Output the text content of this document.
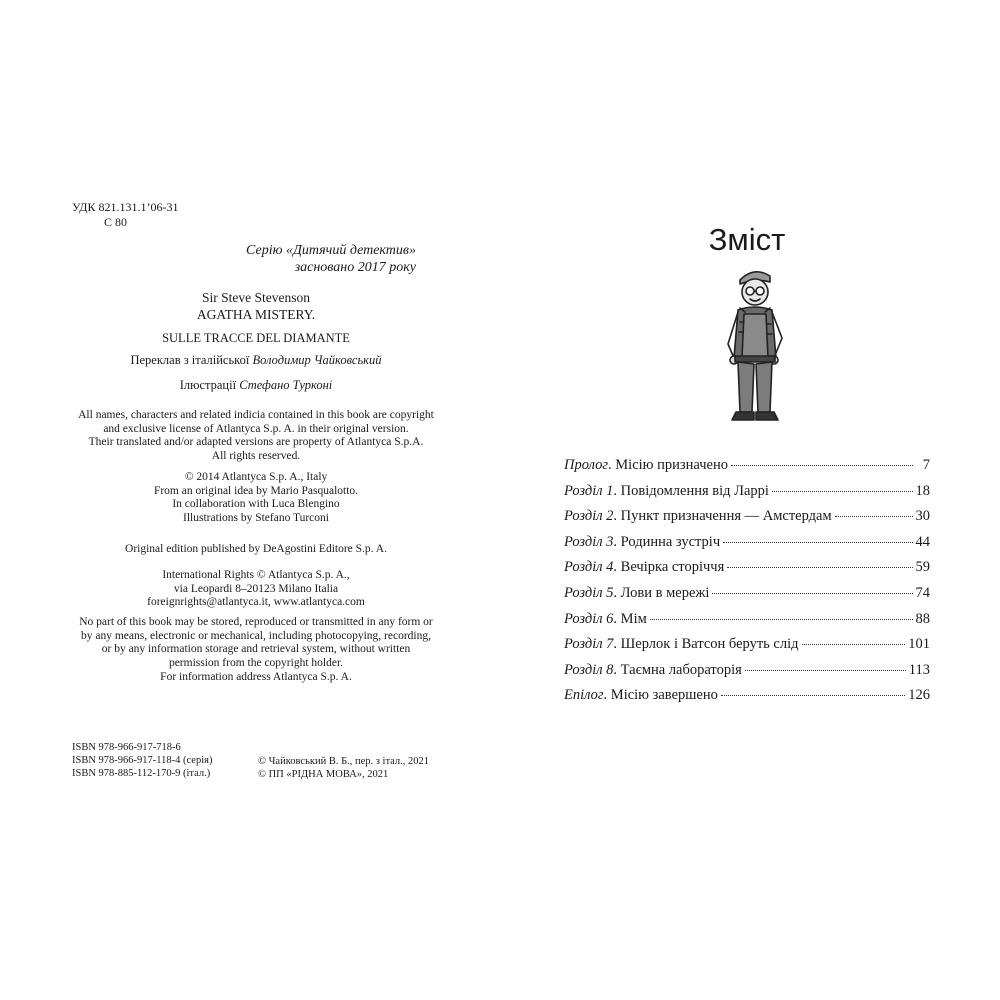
УДК 821.131.1’06-31
С 80
Серію «Дитячий детектив»
засновано 2017 року
Sir Steve Stevenson
AGATHA MISTERY.
SULLE TRACCE DEL DIAMANTE
Переклав з італійської Володимир Чайковський
Ілюстрації Стефано Турконі
All names, characters and related indicia contained in this book are copyright
and exclusive license of Atlantyca S.p. A. in their original version.
Their translated and/or adapted versions are property of Atlantyca S.p.A.
All rights reserved.
© 2014 Atlantyca S.p. A., Italy
From an original idea by Mario Pasqualotto.
In collaboration with Luca Blengino
Illustrations by Stefano Turconi
Original edition published by DeAgostini Editore S.p. A.
International Rights © Atlantyca S.p. A.,
via Leopardi 8–20123 Milano Italia
foreignrights@atlantyca.it, www.atlantyca.com
No part of this book may be stored, reproduced or transmitted in any form or
by any means, electronic or mechanical, including photocopying, recording,
or by any information storage and retrieval system, without written
permission from the copyright holder.
For information address Atlantyca S.p. A.
ISBN 978-966-917-718-6
ISBN 978-966-917-118-4 (серія)
ISBN 978-885-112-170-9 (італ.)
© Чайковський В. Б., пер. з італ., 2021
© ПП «РІДНА МОВА», 2021
Зміст
Пролог. Місію призначено	7
Розділ 1. Повідомлення від Ларрі	18
Розділ 2. Пункт призначення — Амстердам	30
Розділ 3. Родинна зустріч	44
Розділ 4. Вечірка сторіччя	59
Розділ 5. Лови в мережі	74
Розділ 6. Мім	88
Розділ 7. Шерлок і Ватсон беруть слід	101
Розділ 8. Таємна лабораторія	113
Епілог. Місію завершено	126
